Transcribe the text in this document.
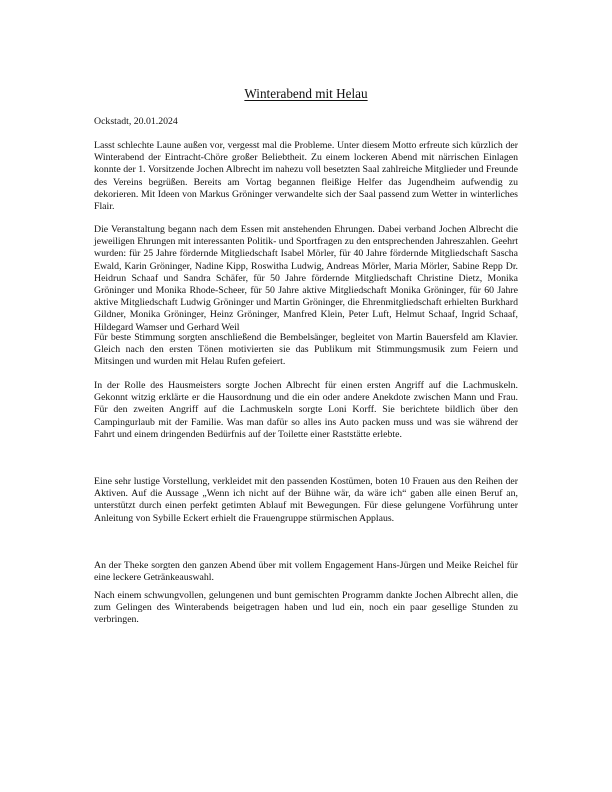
Winterabend mit Helau
Ockstadt, 20.01.2024

Lasst schlechte Laune außen vor, vergesst mal die Probleme. Unter diesem Motto erfreute sich kürzlich der Winterabend der Eintracht-Chöre großer Beliebtheit. Zu einem lockeren Abend mit närrischen Einlagen konnte der 1. Vorsitzende Jochen Albrecht im nahezu voll besetzten Saal zahlreiche Mitglieder und Freunde des Vereins begrüßen. Bereits am Vortag begannen fleißige Helfer das Jugendheim aufwendig zu dekorieren. Mit Ideen von Markus Gröninger verwandelte sich der Saal passend zum Wetter in winterliches Flair.

Die Veranstaltung begann nach dem Essen mit anstehenden Ehrungen. Dabei verband Jochen Albrecht die jeweiligen Ehrungen mit interessanten Politik- und Sportfragen zu den entsprechenden Jahreszahlen. Geehrt wurden: für 25 Jahre fördernde Mitgliedschaft Isabel Mörler, für 40 Jahre fördernde Mitgliedschaft Sascha Ewald, Karin Gröninger, Nadine Kipp, Roswitha Ludwig, Andreas Mörler, Maria Mörler, Sabine Repp Dr. Heidrun Schaaf und Sandra Schäfer, für 50 Jahre fördernde Mitgliedschaft Christine Dietz, Monika Gröninger und Monika Rhode-Scheer, für 50 Jahre aktive Mitgliedschaft Monika Gröninger, für 60 Jahre aktive Mitgliedschaft Ludwig Gröninger und Martin Gröninger, die Ehrenmitgliedschaft erhielten Burkhard Gildner, Monika Gröninger, Heinz Gröninger, Manfred Klein, Peter Luft, Helmut Schaaf, Ingrid Schaaf, Hildegard Wamser und Gerhard Weil

Für beste Stimmung sorgten anschließend die Bembelsänger, begleitet von Martin Bauersfeld am Klavier. Gleich nach den ersten Tönen motivierten sie das Publikum mit Stimmungsmusik zum Feiern und Mitsingen und wurden mit Helau Rufen gefeiert.

In der Rolle des Hausmeisters sorgte Jochen Albrecht für einen ersten Angriff auf die Lachmuskeln. Gekonnt witzig erklärte er die Hausordnung und die ein oder andere Anekdote zwischen Mann und Frau. Für den zweiten Angriff auf die Lachmuskeln sorgte Loni Korff. Sie berichtete bildlich über den Campingurlaub mit der Familie. Was man dafür so alles ins Auto packen muss und was sie während der Fahrt und einem dringenden Bedürfnis auf der Toilette einer Raststätte erlebte.

Eine sehr lustige Vorstellung, verkleidet mit den passenden Kostümen, boten 10 Frauen aus den Reihen der Aktiven. Auf die Aussage „Wenn ich nicht auf der Bühne wär, da wäre ich“ gaben alle einen Beruf an, unterstützt durch einen perfekt getimten Ablauf mit Bewegungen. Für diese gelungene Vorführung unter Anleitung von Sybille Eckert erhielt die Frauengruppe stürmischen Applaus.

An der Theke sorgten den ganzen Abend über mit vollem Engagement Hans-Jürgen und Meike Reichel für eine leckere Getränkeauswahl.

Nach einem schwungvollen, gelungenen und bunt gemischten Programm dankte Jochen Albrecht allen, die zum Gelingen des Winterabends beigetragen haben und lud ein, noch ein paar gesellige Stunden zu verbringen.
